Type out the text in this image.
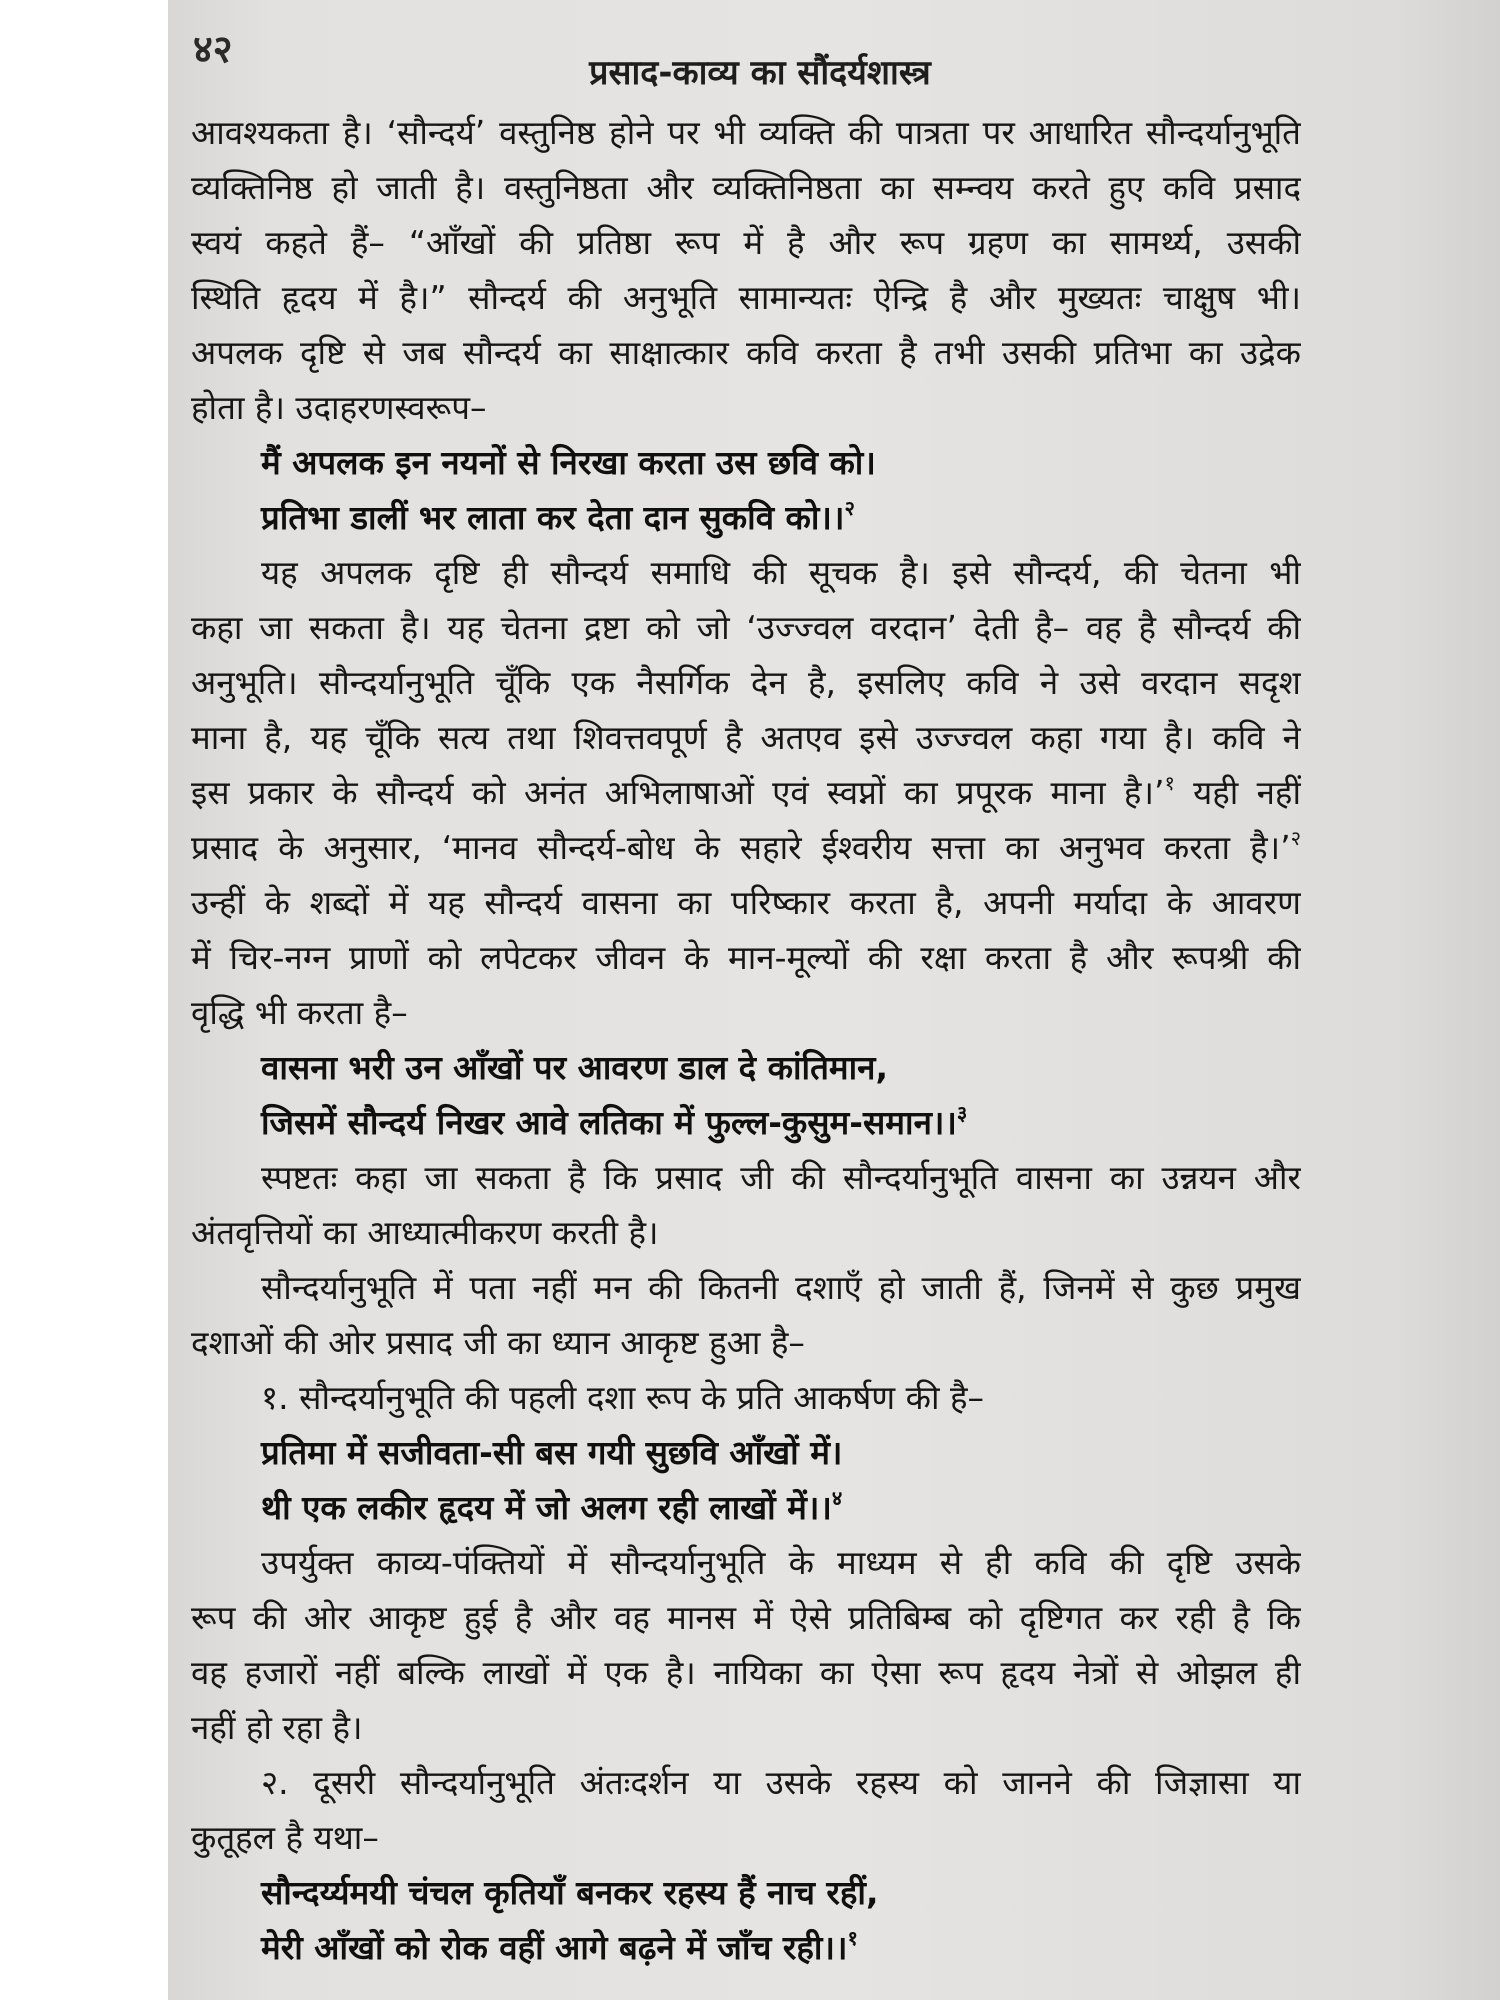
४२
प्रसाद-काव्य का सौंदर्यशास्त्र
आवश्यकता है। ‘सौन्दर्य’ वस्तुनिष्ठ होने पर भी व्यक्ति की पात्रता पर आधारित सौन्दर्यानुभूति
व्यक्तिनिष्ठ हो जाती है। वस्तुनिष्ठता और व्यक्तिनिष्ठता का सम्न्वय करते हुए कवि प्रसाद
स्वयं कहते हैं– “आँखों की प्रतिष्ठा रूप में है और रूप ग्रहण का सामर्थ्य, उसकी
स्थिति हृदय में है।” सौन्दर्य की अनुभूति सामान्यतः ऐन्द्रि है और मुख्यतः चाक्षुष भी।
अपलक दृष्टि से जब सौन्दर्य का साक्षात्कार कवि करता है तभी उसकी प्रतिभा का उद्रेक
होता है। उदाहरणस्वरूप–
मैं अपलक इन नयनों से निरखा करता उस छवि को।
प्रतिभा डालीं भर लाता कर देता दान सुकवि को।।$^२$
यह अपलक दृष्टि ही सौन्दर्य समाधि की सूचक है। इसे सौन्दर्य, की चेतना भी
कहा जा सकता है। यह चेतना द्रष्टा को जो ‘उज्ज्वल वरदान’ देती है– वह है सौन्दर्य की
अनुभूति। सौन्दर्यानुभूति चूँकि एक नैसर्गिक देन है, इसलिए कवि ने उसे वरदान सदृश
माना है, यह चूँकि सत्य तथा शिवत्तवपूर्ण है अतएव इसे उज्ज्वल कहा गया है। कवि ने
इस प्रकार के सौन्दर्य को अनंत अभिलाषाओं एवं स्वप्नों का प्रपूरक माना है।’$^१$ यही नहीं
प्रसाद के अनुसार, ‘मानव सौन्दर्य-बोध के सहारे ईश्वरीय सत्ता का अनुभव करता है।’$^२$
उन्हीं के शब्दों में यह सौन्दर्य वासना का परिष्कार करता है, अपनी मर्यादा के आवरण
में चिर-नग्न प्राणों को लपेटकर जीवन के मान-मूल्यों की रक्षा करता है और रूपश्री की
वृद्धि भी करता है–
वासना भरी उन आँखों पर आवरण डाल दे कांतिमान,
जिसमें सौन्दर्य निखर आवे लतिका में फुल्ल-कुसुम-समान।।$^३$
स्पष्टतः कहा जा सकता है कि प्रसाद जी की सौन्दर्यानुभूति वासना का उन्नयन और
अंतवृत्तियों का आध्यात्मीकरण करती है।
सौन्दर्यानुभूति में पता नहीं मन की कितनी दशाएँ हो जाती हैं, जिनमें से कुछ प्रमुख
दशाओं की ओर प्रसाद जी का ध्यान आकृष्ट हुआ है–
१. सौन्दर्यानुभूति की पहली दशा रूप के प्रति आकर्षण की है–
प्रतिमा में सजीवता-सी बस गयी सुछवि आँखों में।
थी एक लकीर हृदय में जो अलग रही लाखों में।।$^४$
उपर्युक्त काव्य-पंक्तियों में सौन्दर्यानुभूति के माध्यम से ही कवि की दृष्टि उसके
रूप की ओर आकृष्ट हुई है और वह मानस में ऐसे प्रतिबिम्ब को दृष्टिगत कर रही है कि
वह हजारों नहीं बल्कि लाखों में एक है। नायिका का ऐसा रूप हृदय नेत्रों से ओझल ही
नहीं हो रहा है।
२. दूसरी सौन्दर्यानुभूति अंतःदर्शन या उसके रहस्य को जानने की जिज्ञासा या
कुतूहल है यथा–
सौन्दर्य्यमयी चंचल कृतियाँ बनकर रहस्य हैं नाच रहीं,
मेरी आँखों को रोक वहीं आगे बढ़ने में जाँच रही।।$^१$
